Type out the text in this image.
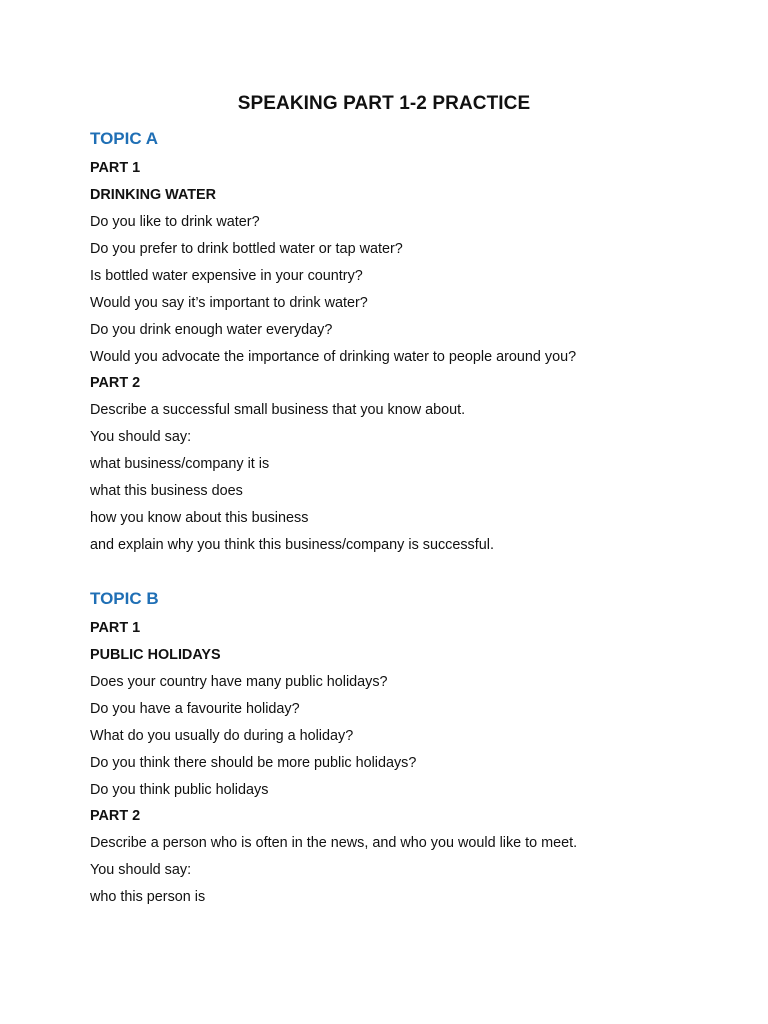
SPEAKING PART 1-2 PRACTICE
TOPIC A

PART 1

DRINKING WATER

Do you like to drink water?

Do you prefer to drink bottled water or tap water?

Is bottled water expensive in your country?

Would you say it’s important to drink water?

Do you drink enough water everyday?

Would you advocate the importance of drinking water to people around you?

PART 2

Describe a successful small business that you know about.

You should say:

what business/company it is

what this business does

how you know about this business

and explain why you think this business/company is successful.

TOPIC B

PART 1

PUBLIC HOLIDAYS

Does your country have many public holidays?

Do you have a favourite holiday?

What do you usually do during a holiday?

Do you think there should be more public holidays?

Do you think public holidays

PART 2

Describe a person who is often in the news, and who you would like to meet.

You should say:

who this person is
